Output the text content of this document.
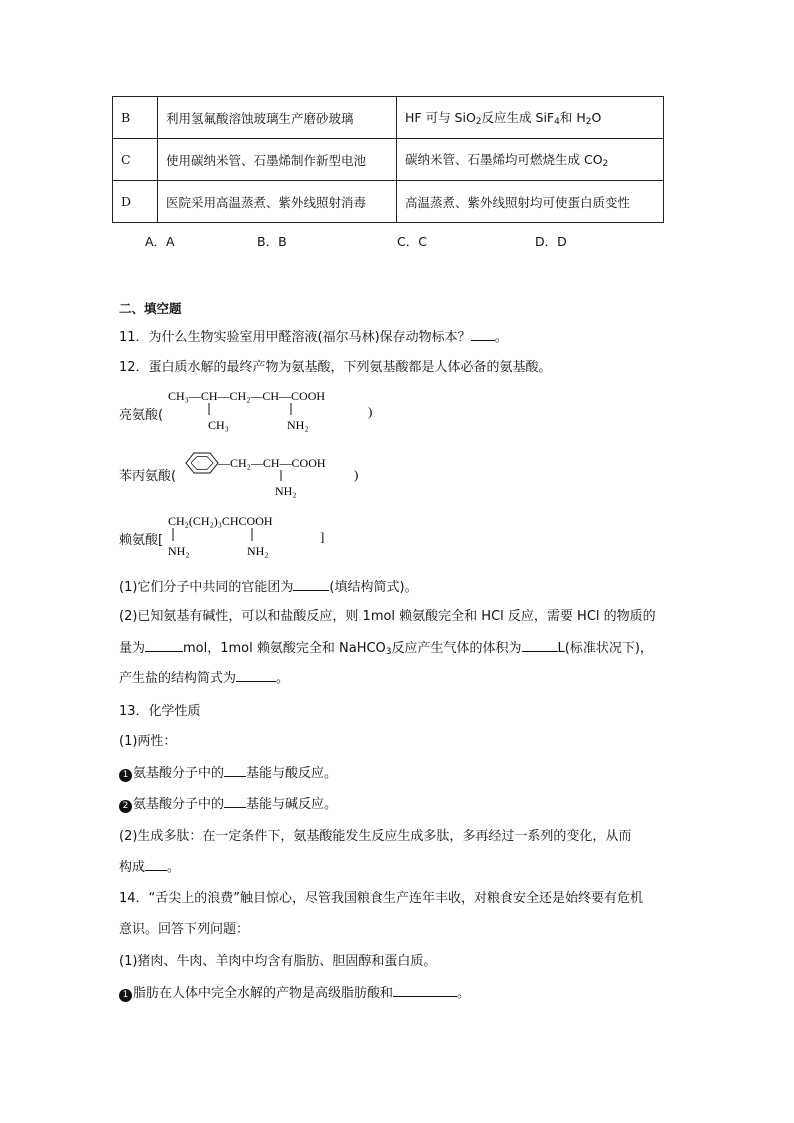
B	利用氢氟酸溶蚀玻璃生产磨砂玻璃	HF 可与 SiO$_2$反应生成 SiF$_4$和 $H_2O$
C	使用碳纳米管、石墨烯制作新型电池	碳纳米管、石墨烯均可燃烧生成 $CO_2$
D	医院采用高温蒸煮、紫外线照射消毒	高温蒸煮、紫外线照射均可使蛋白质变性
A．A	B．B	C．C	D．D
二、填空题
11．为什么生物实验室用甲醛溶液(福尔马林)保存动物标本？ 。
12．蛋白质水解的最终产物为氨基酸，下列氨基酸都是人体必备的氨基酸。
亮氨酸(
CH₃—CH—CH₂—CH—COOH
CH₃	NH₂
)
苯丙氨酸(
—CH₂—CH—COOH
NH₂
)
赖氨酸[
CH₂(CH₂)₃CHCOOH
NH₂	NH₂
]
(1)它们分子中共同的官能团为	(填结构简式)。
(2)已知氨基有碱性，可以和盐酸反应，则 1mol 赖氨酸完全和 HCl 反应，需要 HCl 的物质的
量为	mol，1mol 赖氨酸完全和 NaHCO$_3$反应产生气体的体积为	L(标准状况下)，
产生盐的结构简式为	。
13．化学性质
(1)两性：
1 氨基酸分子中的 基能与酸反应。
2 氨基酸分子中的 基能与碱反应。
(2)生成多肽：在一定条件下，氨基酸能发生反应生成多肽，多再经过一系列的变化，从而
构成 。
14．“舌尖上的浪费”触目惊心，尽管我国粮食生产连年丰收，对粮食安全还是始终要有危机
意识。回答下列问题：
(1)猪肉、牛肉、羊肉中均含有脂肪、胆固醇和蛋白质。
1 脂肪在人体中完全水解的产物是高级脂肪酸和	。
